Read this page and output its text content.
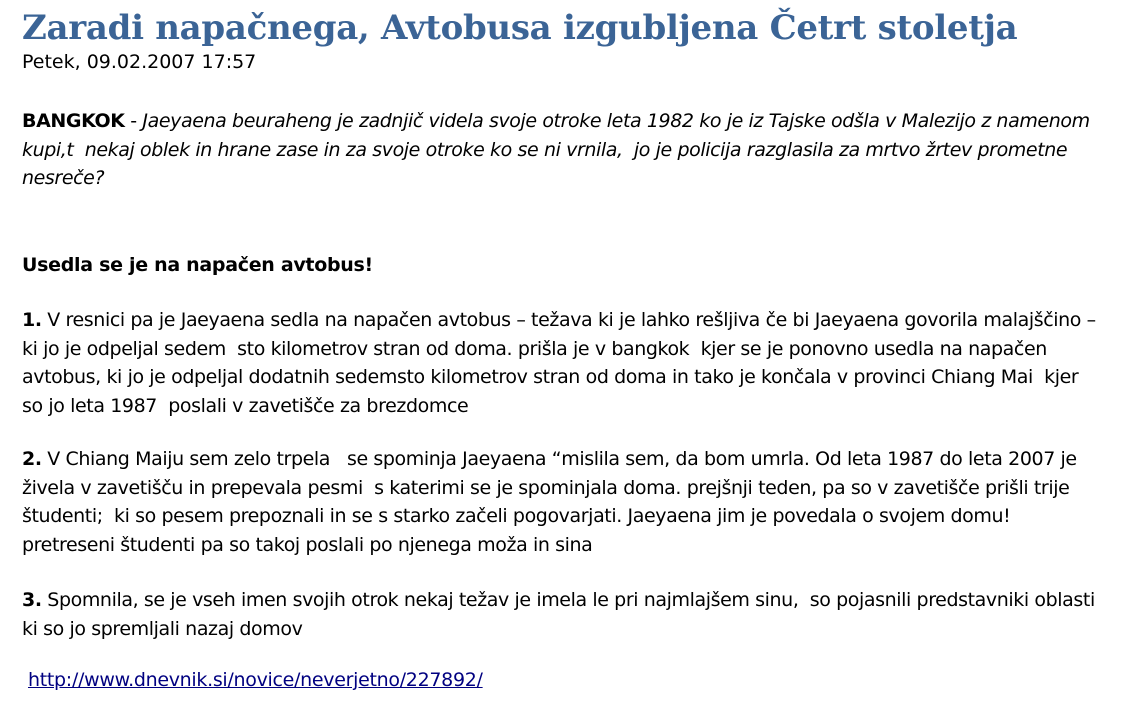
Zaradi napačnega, Avtobusa izgubljena Četrt stoletja

Petek, 09.02.2007 17:57

BANGKOK - Jaeyaena beuraheng je zadnjič videla svoje otroke leta 1982 ko je iz Tajske odšla v Malezijo z namenom kupi,t  nekaj oblek in hrane zase in za svoje otroke ko se ni vrnila,  jo je policija razglasila za mrtvo žrtev prometne nesreče?

Usedla se je na napačen avtobus!

1. V resnici pa je Jaeyaena sedla na napačen avtobus – težava ki je lahko rešljiva če bi Jaeyaena govorila malajščino – ki jo je odpeljal sedem  sto kilometrov stran od doma. prišla je v bangkok  kjer se je ponovno usedla na napačen avtobus, ki jo je odpeljal dodatnih sedemsto kilometrov stran od doma in tako je končala v provinci Chiang Mai  kjer so jo leta 1987  poslali v zavetišče za brezdomce

2. V Chiang Maiju sem zelo trpela   se spominja Jaeyaena “mislila sem, da bom umrla. Od leta 1987 do leta 2007 je živela v zavetišču in prepevala pesmi  s katerimi se je spominjala doma. prejšnji teden, pa so v zavetišče prišli trije študenti;  ki so pesem prepoznali in se s starko začeli pogovarjati. Jaeyaena jim je povedala o svojem domu!  pretreseni študenti pa so takoj poslali po njenega moža in sina

3. Spomnila, se je vseh imen svojih otrok nekaj težav je imela le pri najmlajšem sinu,  so pojasnili predstavniki oblasti  ki so jo spremljali nazaj domov

http://www.dnevnik.si/novice/neverjetno/227892/
